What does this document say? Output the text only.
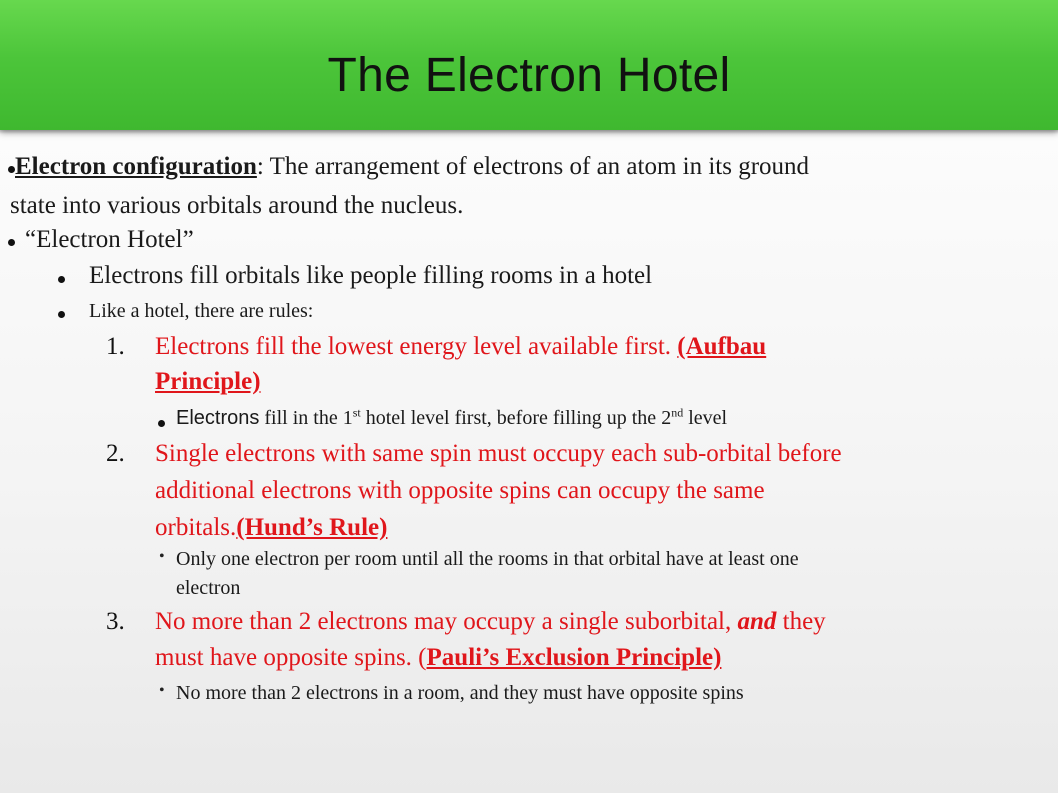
The Electron Hotel
Electron configuration: The arrangement of electrons of an atom in its ground
state into various orbitals around the nucleus.
“Electron Hotel”
Electrons fill orbitals like people filling rooms in a hotel
Like a hotel, there are rules:
1. Electrons fill the lowest energy level available first. (Aufbau
Principle)
Electrons fill in the 1st hotel level first, before filling up the 2nd level
2. Single electrons with same spin must occupy each sub-orbital before
additional electrons with opposite spins can occupy the same
orbitals.(Hund’s Rule)
• Only one electron per room until all the rooms in that orbital have at least one
electron
3. No more than 2 electrons may occupy a single suborbital, and they
must have opposite spins. (Pauli’s Exclusion Principle)
• No more than 2 electrons in a room, and they must have opposite spins
